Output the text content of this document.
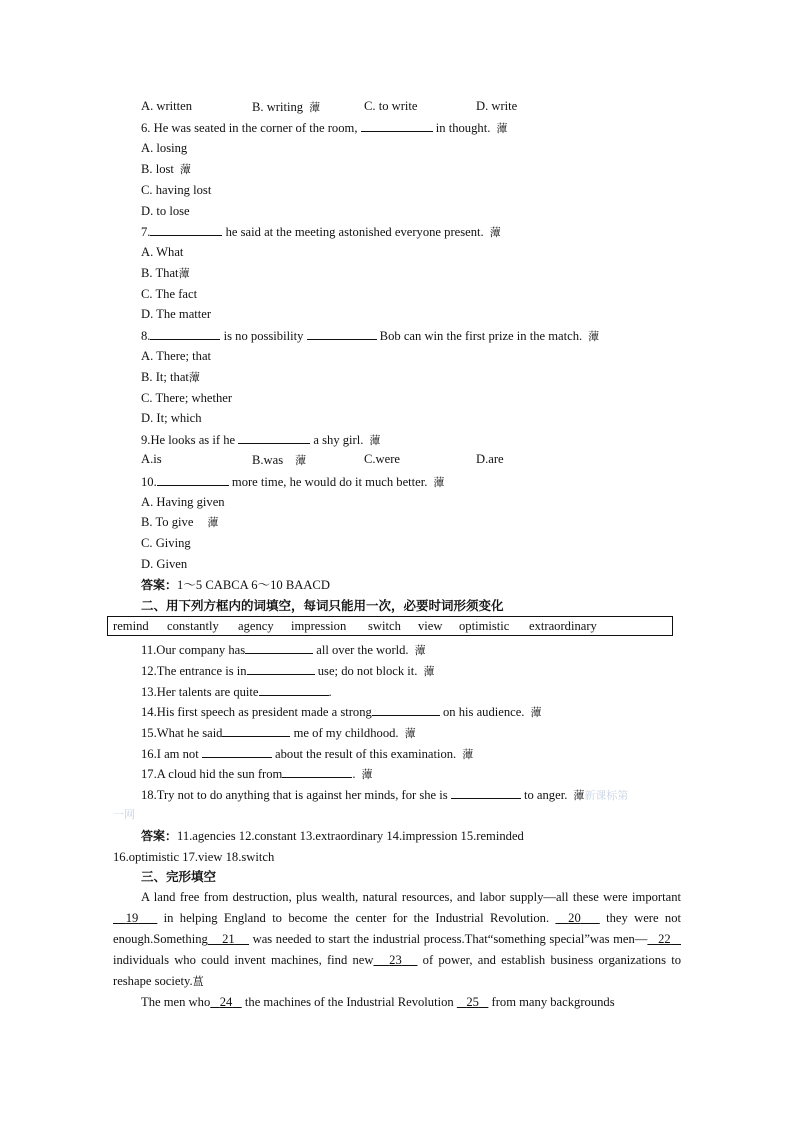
A. written	B. writing 藫	C. to write	D. write
6. He was seated in the corner of the room,	in thought. 藫
A. losing
B. lost 藫
C. having lost
D. to lose
7.	he said at the meeting astonished everyone present. 藫
A. What
B. That藫
C. The fact
D. The matter
8.	is no possibility	Bob can win the first prize in the match. 藫
A. There; that
B. It; that藫
C. There; whether
D. It; which
9.He looks as if he	a shy girl. 藫
A.is	B.was 藫	C.were	D.are
10.	more time, he would do it much better. 藫
A. Having given
B. To give 藫
C. Giving
D. Given
答案：1～5 CABCA 6～10 BAACD
二、用下列方框内的词填空，每词只能用一次，必要时词形须变化
remind constantly agency impression switch view optimistic extraordinary
11.Our company has	all over the world. 藫
12.The entrance is in	use; do not block it. 藫
13.Her talents are quite	.
14.His first speech as president made a strong	on his audience. 藫
15.What he said	me of my childhood. 藫
16.I am not	about the result of this examination. 藫
17.A cloud hid the sun from	. 藫
18.Try not to do anything that is against her minds, for she is	to anger. 藫新课标第
一网
答案：11.agencies 12.constant 13.extraordinary 14.impression 15.reminded
16.optimistic 17.view 18.switch
三、完形填空
A land free from destruction, plus wealth, natural resources, and labor supply—all these were important   19    in helping England to become the center for the Industrial Revolution.   20    they were not enough.Something 21     was needed to start the industrial process.That“something special”was men— 22    individuals who could invent machines, find new 23    of power, and establish business organizations to reshape society.蒀
The men who 24    the machines of the Industrial Revolution    25    from many backgrounds
